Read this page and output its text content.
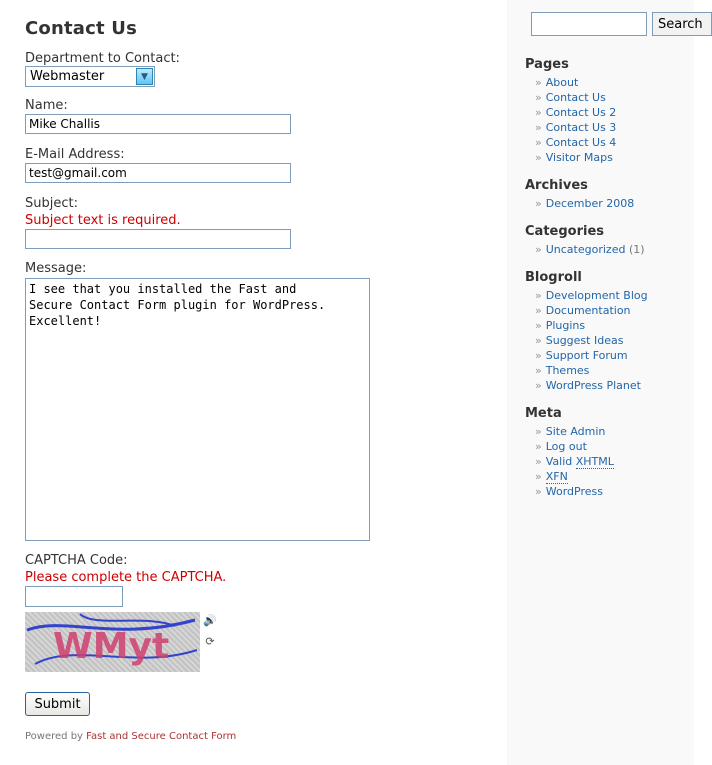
Contact Us
Department to Contact:
Webmaster	▼
Name:
Mike Challis
E-Mail Address:
test@gmail.com
Subject:
Subject text is required.
Message:
I see that you installed the Fast and Secure Contact Form plugin for WordPress. Excellent!
CAPTCHA Code:
Please complete the CAPTCHA.
WMyt
🔊
⟳
Submit
Powered by Fast and Secure Contact Form
Search
Pages
» About
» Contact Us
» Contact Us 2
» Contact Us 3
» Contact Us 4
» Visitor Maps
Archives
» December 2008
Categories
» Uncategorized (1)
Blogroll
» Development Blog
» Documentation
» Plugins
» Suggest Ideas
» Support Forum
» Themes
» WordPress Planet
Meta
» Site Admin
» Log out
» Valid XHTML
» XFN
» WordPress
